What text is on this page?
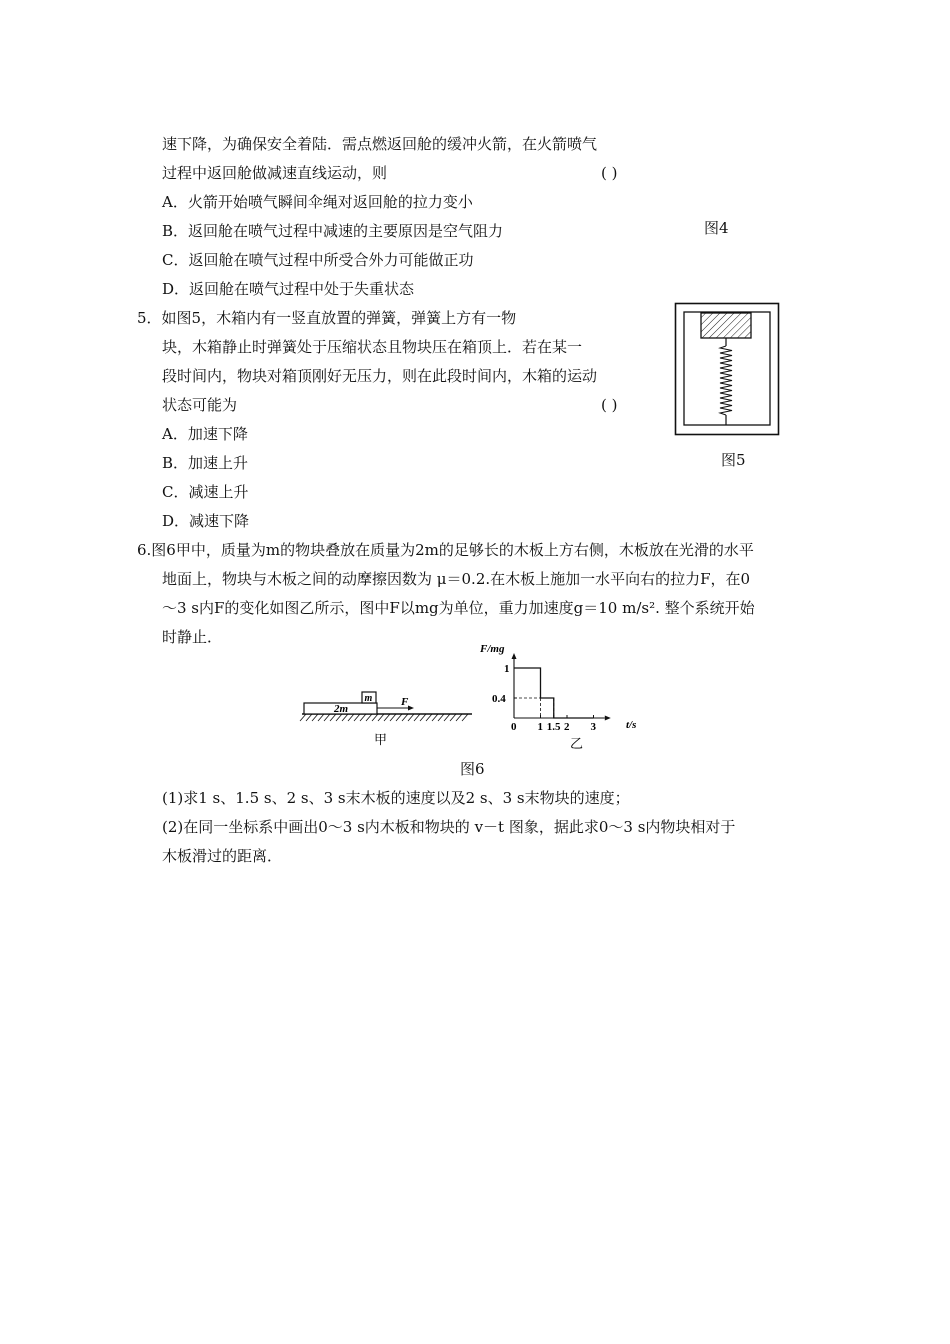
速下降，为确保安全着陆．需点燃返回舱的缓冲火箭，在火箭喷气
过程中返回舱做减速直线运动，则	( )
A．火箭开始喷气瞬间伞绳对返回舱的拉力变小
B．返回舱在喷气过程中减速的主要原因是空气阻力
C．返回舱在喷气过程中所受合外力可能做正功
D．返回舱在喷气过程中处于失重状态
图4
5．如图5，木箱内有一竖直放置的弹簧，弹簧上方有一物
块，木箱静止时弹簧处于压缩状态且物块压在箱顶上．若在某一
段时间内，物块对箱顶刚好无压力，则在此段时间内，木箱的运动
状态可能为	( )
A．加速下降
B．加速上升
C．减速上升
D．减速下降
图5
6.图6甲中，质量为m的物块叠放在质量为2m的足够长的木板上方右侧，木板放在光滑的水平
地面上，物块与木板之间的动摩擦因数为 μ＝0.2.在木板上施加一水平向右的拉力F，在0
～3 s内F的变化如图乙所示，图中F以mg为单位，重力加速度g＝10 m/s². 整个系统开始
时静止．
2m
m	F
甲
F/mg
t/s
乙
0 1 1.5 2 3
0.4
1
图6
(1)求1 s、1.5 s、2 s、3 s末木板的速度以及2 s、3 s末物块的速度；
(2)在同一坐标系中画出0～3 s内木板和物块的 v－t 图象，据此求0～3 s内物块相对于
木板滑过的距离．
